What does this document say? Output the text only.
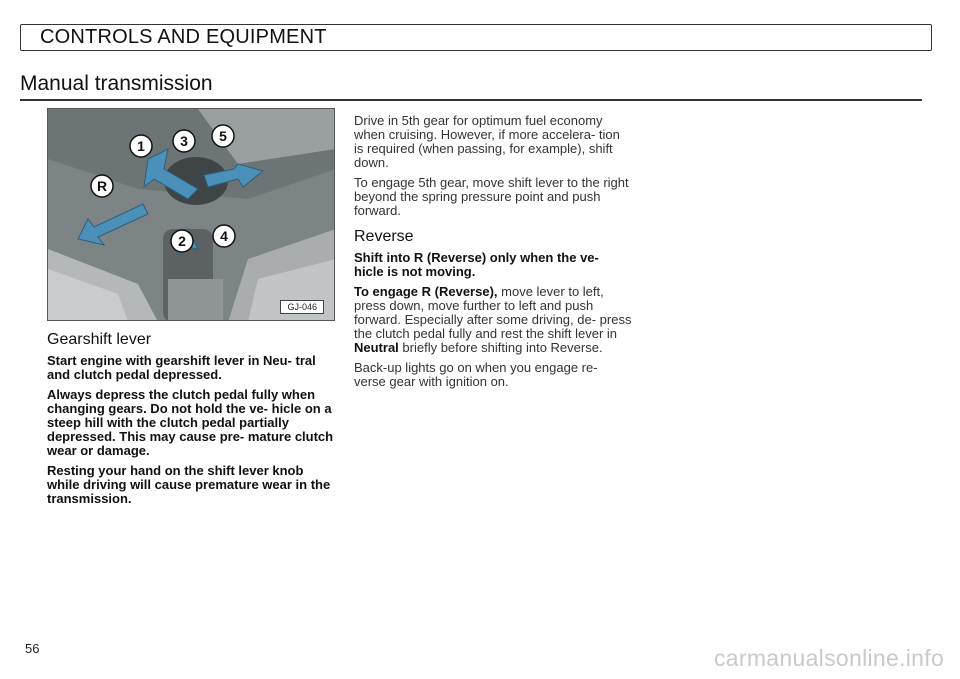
CONTROLS AND EQUIPMENT
Manual transmission
1	3 5
R
2 4
GJ-046
Gearshift lever

Start engine with gearshift lever in Neu- tral and clutch pedal depressed.

Always depress the clutch pedal fully when changing gears. Do not hold the ve- hicle on a steep hill with the clutch pedal partially depressed. This may cause pre- mature clutch wear or damage.

Resting your hand on the shift lever knob while driving will cause premature wear in the transmission.

Drive in 5th gear for optimum fuel economy when cruising. However, if more accelera- tion is required (when passing, for example), shift down.

To engage 5th gear, move shift lever to the right beyond the spring pressure point and push forward.

Reverse

Shift into R (Reverse) only when the ve- hicle is not moving.

To engage R (Reverse), move lever to left, press down, move further to left and push forward. Especially after some driving, de- press the clutch pedal fully and rest the shift lever in Neutral briefly before shifting into Reverse.

Back-up lights go on when you engage re- verse gear with ignition on.

56	carmanualsonline.info
